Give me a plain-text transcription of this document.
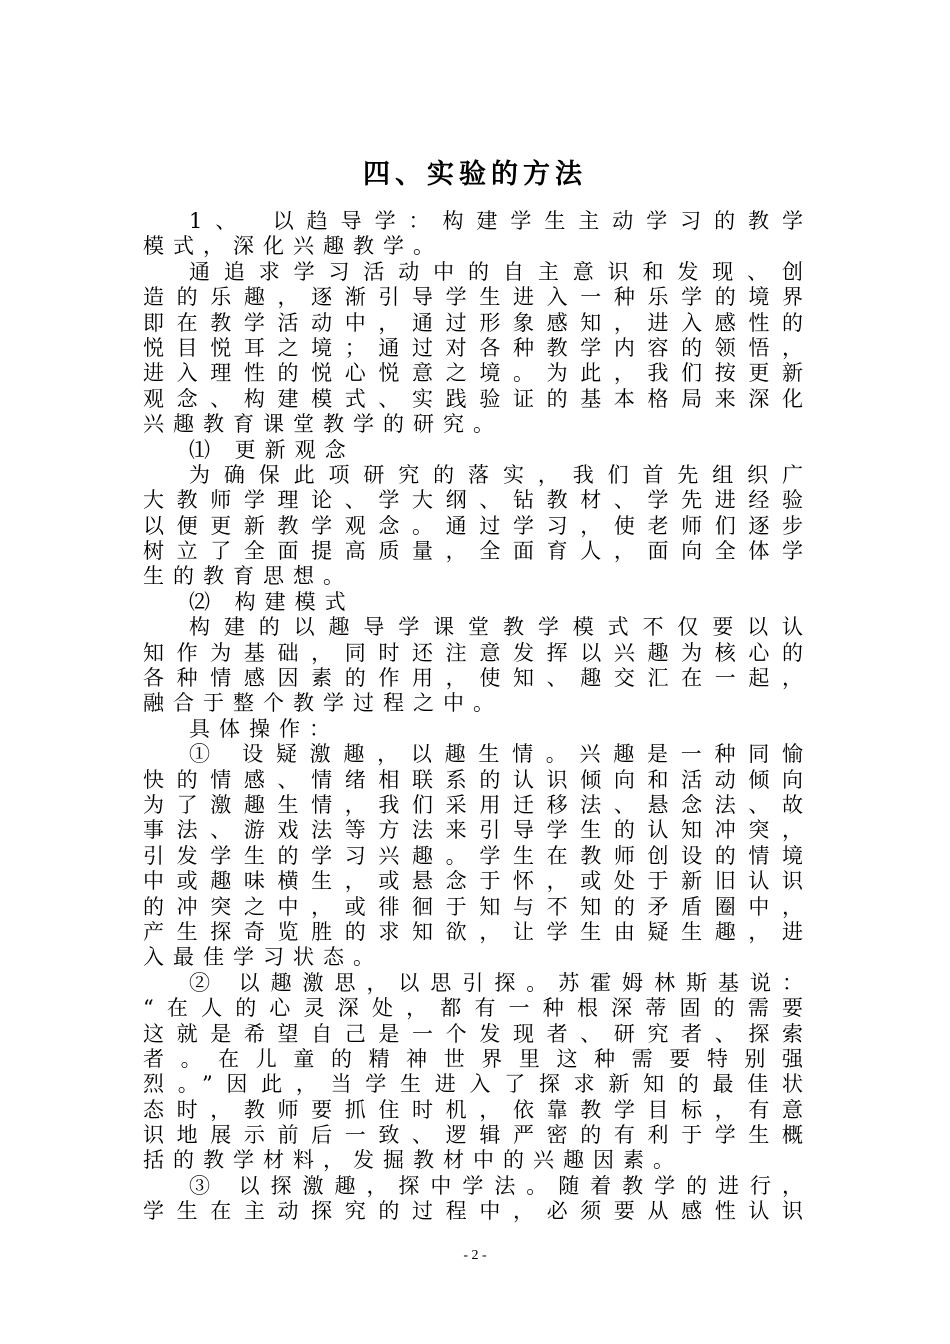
四、实验的方法
1、　以趋导学：构建学生主动学习的教学
模式，深化兴趣教学。
通追求学习活动中的自主意识和发现、创
造的乐趣，逐渐引导学生进入一种乐学的境界
即在教学活动中，通过形象感知，进入感性的
悦目悦耳之境；通过对各种教学内容的领悟，
进入理性的悦心悦意之境。为此，我们按更新
观念、构建模式、实践验证的基本格局来深化
兴趣教育课堂教学的研究。
⑴ 更新观念
为确保此项研究的落实，我们首先组织广
大教师学理论、学大纲、钻教材、学先进经验
以便更新教学观念。通过学习，使老师们逐步
树立了全面提高质量，全面育人，面向全体学
生的教育思想。
⑵ 构建模式
构建的以趣导学课堂教学模式不仅要以认
知作为基础，同时还注意发挥以兴趣为核心的
各种情感因素的作用，使知、趣交汇在一起，
融合于整个教学过程之中。
具体操作：
① 设疑激趣，以趣生情。兴趣是一种同愉
快的情感、情绪相联系的认识倾向和活动倾向
为了激趣生情，我们采用迁移法、悬念法、故
事法、游戏法等方法来引导学生的认知冲突，
引发学生的学习兴趣。学生在教师创设的情境
中或趣味横生，或悬念于怀，或处于新旧认识
的冲突之中，或徘徊于知与不知的矛盾圈中，
产生探奇览胜的求知欲，让学生由疑生趣，进
入最佳学习状态。
② 以趣激思，以思引探。苏霍姆林斯基说：
“在人的心灵深处，都有一种根深蒂固的需要
这就是希望自己是一个发现者、研究者、探索
者。在儿童的精神世界里这种需要特别强
烈。”因此，当学生进入了探求新知的最佳状
态时，教师要抓住时机，依靠教学目标，有意
识地展示前后一致、逻辑严密的有利于学生概
括的教学材料，发掘教材中的兴趣因素。
③ 以探激趣，探中学法。随着教学的进行，
学生在主动探究的过程中，必须要从感性认识
- 2 -
